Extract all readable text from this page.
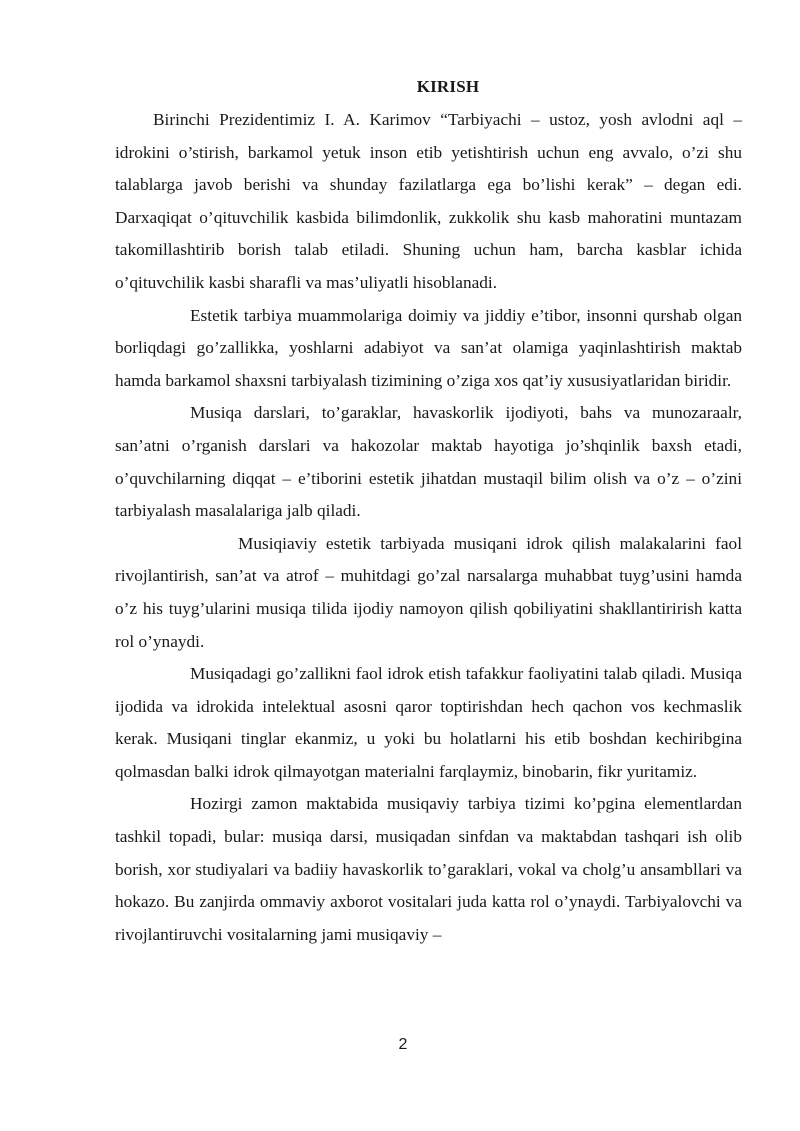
KIRISH

Birinchi Prezidentimiz I. A. Karimov “Tarbiyachi – ustoz, yosh avlodni aql – idrokini o’stirish, barkamol yetuk inson etib yetishtirish uchun eng avvalo, o’zi shu talablarga javob berishi va shunday fazilatlarga ega bo’lishi kerak” – degan edi. Darxaqiqat o’qituvchilik kasbida bilimdonlik, zukkolik shu kasb mahoratini muntazam takomillashtirib borish talab etiladi. Shuning uchun ham, barcha kasblar ichida o’qituvchilik kasbi sharafli va mas’uliyatli hisoblanadi.

Estetik tarbiya muammolariga doimiy va jiddiy e’tibor, insonni qurshab olgan borliqdagi go’zallikka, yoshlarni adabiyot va san’at olamiga yaqinlashtirish maktab hamda barkamol shaxsni tarbiyalash tizimining o’ziga xos qat’iy xususiyatlaridan biridir.

Musiqa darslari, to’garaklar, havaskorlik ijodiyoti, bahs va munozaraalr, san’atni o’rganish darslari va hakozolar maktab hayotiga jo’shqinlik baxsh etadi, o’quvchilarning diqqat – e’tiborini estetik jihatdan mustaqil bilim olish va o’z – o’zini tarbiyalash masalalariga jalb qiladi.

Musiqiaviy estetik tarbiyada musiqani idrok qilish malakalarini faol rivojlantirish, san’at va atrof – muhitdagi go’zal narsalarga muhabbat tuyg’usini hamda o’z his tuyg’ularini musiqa tilida ijodiy namoyon qilish qobiliyatini shakllantirirish katta rol o’ynaydi.

Musiqadagi go’zallikni faol idrok etish tafakkur faoliyatini talab qiladi. Musiqa ijodida va idrokida intelektual asosni qaror toptirishdan hech qachon vos kechmaslik kerak. Musiqani tinglar ekanmiz, u yoki bu holatlarni his etib boshdan kechiribgina qolmasdan balki idrok qilmayotgan materialni farqlaymiz, binobarin, fikr yuritamiz.

Hozirgi zamon maktabida musiqaviy tarbiya tizimi ko’pgina elementlardan tashkil topadi, bular: musiqa darsi, musiqadan sinfdan va maktabdan tashqari ish olib borish, xor studiyalari va badiiy havaskorlik to’garaklari, vokal va cholg’u ansambllari va hokazo. Bu zanjirda ommaviy axborot vositalari juda katta rol o’ynaydi. Tarbiyalovchi va rivojlantiruvchi vositalarning jami musiqaviy –

2
